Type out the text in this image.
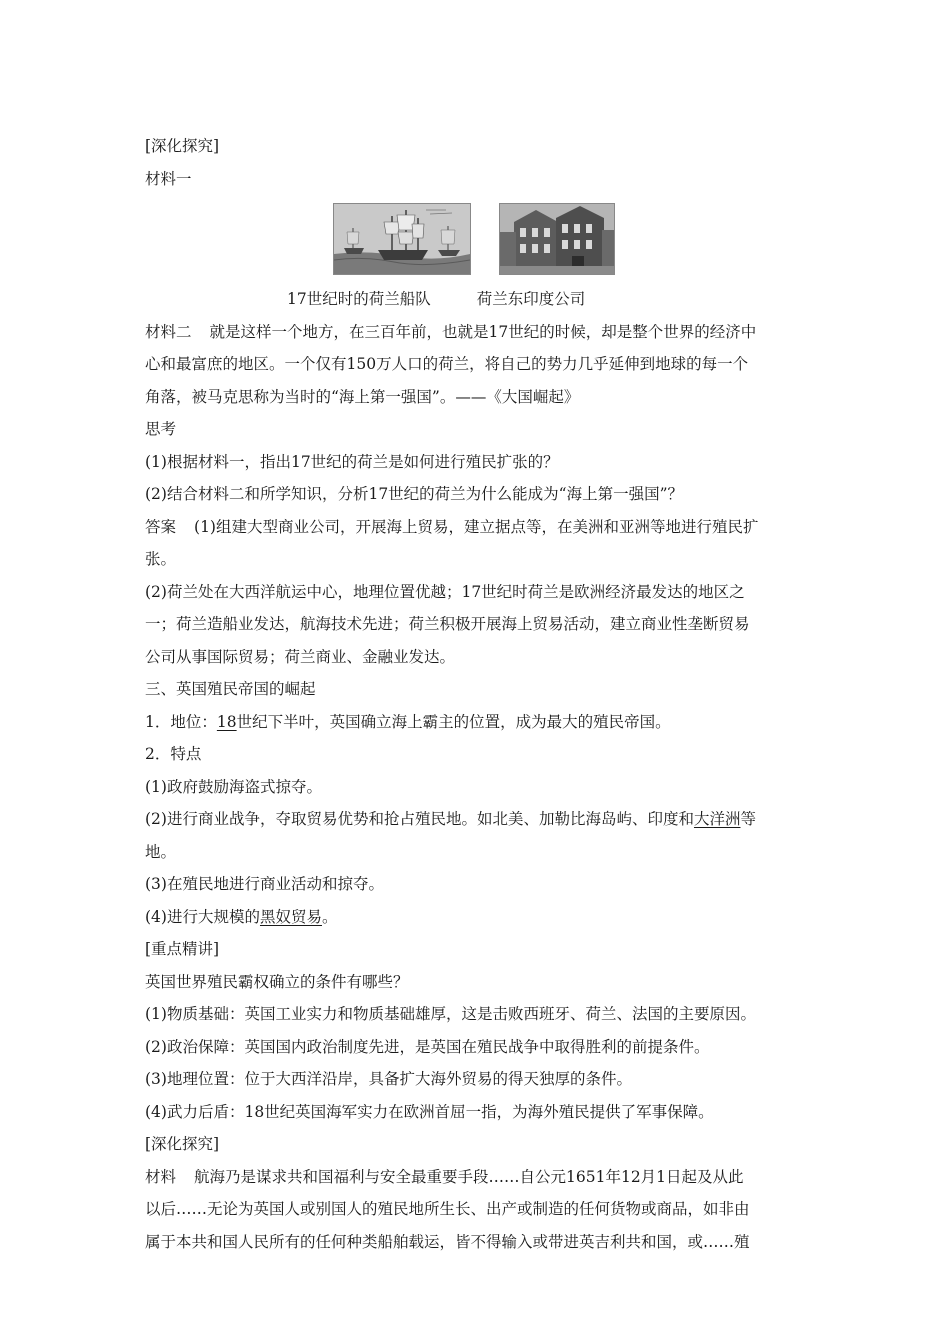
[深化探究]
材料一
17世纪时的荷兰船队	荷兰东印度公司
材料二 就是这样一个地方，在三百年前，也就是17世纪的时候，却是整个世界的经济中
心和最富庶的地区。一个仅有150万人口的荷兰，将自己的势力几乎延伸到地球的每一个
角落，被马克思称为当时的“海上第一强国”。——《大国崛起》
思考
(1)根据材料一，指出17世纪的荷兰是如何进行殖民扩张的？
(2)结合材料二和所学知识，分析17世纪的荷兰为什么能成为“海上第一强国”？
答案 (1)组建大型商业公司，开展海上贸易，建立据点等，在美洲和亚洲等地进行殖民扩
张。
(2)荷兰处在大西洋航运中心，地理位置优越；17世纪时荷兰是欧洲经济最发达的地区之
一；荷兰造船业发达，航海技术先进；荷兰积极开展海上贸易活动，建立商业性垄断贸易
公司从事国际贸易；荷兰商业、金融业发达。
三、英国殖民帝国的崛起
1．地位：18世纪下半叶，英国确立海上霸主的位置，成为最大的殖民帝国。
2．特点
(1)政府鼓励海盗式掠夺。
(2)进行商业战争，夺取贸易优势和抢占殖民地。如北美、加勒比海岛屿、印度和大洋洲等
地。
(3)在殖民地进行商业活动和掠夺。
(4)进行大规模的黑奴贸易。
[重点精讲]
英国世界殖民霸权确立的条件有哪些？
(1)物质基础：英国工业实力和物质基础雄厚，这是击败西班牙、荷兰、法国的主要原因。
(2)政治保障：英国国内政治制度先进，是英国在殖民战争中取得胜利的前提条件。
(3)地理位置：位于大西洋沿岸，具备扩大海外贸易的得天独厚的条件。
(4)武力后盾：18世纪英国海军实力在欧洲首屈一指，为海外殖民提供了军事保障。
[深化探究]
材料 航海乃是谋求共和国福利与安全最重要手段……自公元1651年12月1日起及从此
以后……无论为英国人或别国人的殖民地所生长、出产或制造的任何货物或商品，如非由
属于本共和国人民所有的任何种类船舶载运，皆不得输入或带进英吉利共和国，或……殖
